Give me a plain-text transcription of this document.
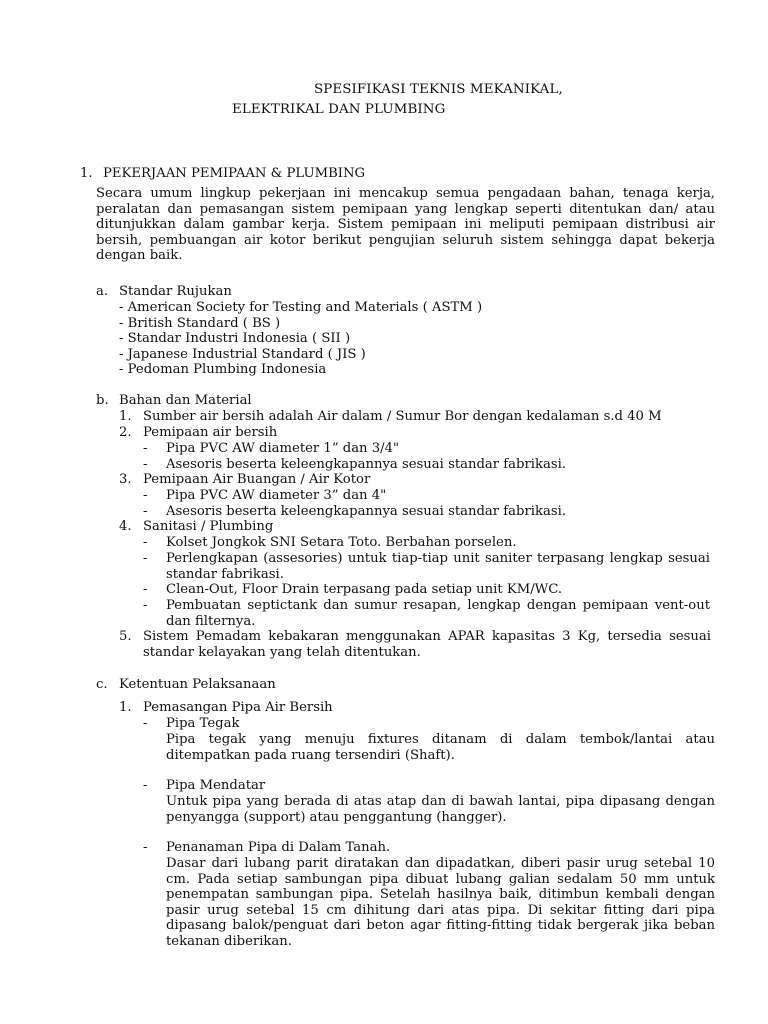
SPESIFIKASI TEKNIS MEKANIKAL,
ELEKTRIKAL DAN PLUMBING
1. PEKERJAAN PEMIPAAN & PLUMBING
Secara umum lingkup pekerjaan ini mencakup semua pengadaan bahan, tenaga kerja, peralatan dan pemasangan sistem pemipaan yang lengkap seperti ditentukan dan/ atau ditunjukkan dalam gambar kerja. Sistem pemipaan ini meliputi pemipaan distribusi air bersih, pembuangan air kotor berikut pengujian seluruh sistem sehingga dapat bekerja dengan baik.
a. Standar Rujukan
- American Society for Testing and Materials ( ASTM )
- British Standard ( BS )
- Standar Industri Indonesia ( SII )
- Japanese Industrial Standard ( JIS )
- Pedoman Plumbing Indonesia
b. Bahan dan Material
1. Sumber air bersih adalah Air dalam / Sumur Bor dengan kedalaman s.d 40 M
2. Pemipaan air bersih
- Pipa PVC AW diameter 1” dan 3/4"
- Asesoris beserta keleengkapannya sesuai standar fabrikasi.
3. Pemipaan Air Buangan / Air Kotor
- Pipa PVC AW diameter 3” dan 4"
- Asesoris beserta keleengkapannya sesuai standar fabrikasi.
4. Sanitasi / Plumbing
- Kolset Jongkok SNI Setara Toto. Berbahan porselen.
- Perlengkapan (assesories) untuk tiap-tiap unit saniter terpasang lengkap sesuai standar fabrikasi.
- Clean-Out, Floor Drain terpasang pada setiap unit KM/WC.
- Pembuatan septictank dan sumur resapan, lengkap dengan pemipaan vent-out dan filternya.
5. Sistem Pemadam kebakaran menggunakan APAR kapasitas 3 Kg, tersedia sesuai standar kelayakan yang telah ditentukan.
c. Ketentuan Pelaksanaan
1. Pemasangan Pipa Air Bersih
- Pipa Tegak
Pipa tegak yang menuju fixtures ditanam di dalam tembok/lantai atau ditempatkan pada ruang tersendiri (Shaft).
- Pipa Mendatar
Untuk pipa yang berada di atas atap dan di bawah lantai, pipa dipasang dengan penyangga (support) atau penggantung (hangger).
- Penanaman Pipa di Dalam Tanah.
Dasar dari lubang parit diratakan dan dipadatkan, diberi pasir urug setebal 10 cm. Pada setiap sambungan pipa dibuat lubang galian sedalam 50 mm untuk penempatan sambungan pipa. Setelah hasilnya baik, ditimbun kembali dengan pasir urug setebal 15 cm dihitung dari atas pipa. Di sekitar fitting dari pipa dipasang balok/penguat dari beton agar fitting-fitting tidak bergerak jika beban tekanan diberikan.
